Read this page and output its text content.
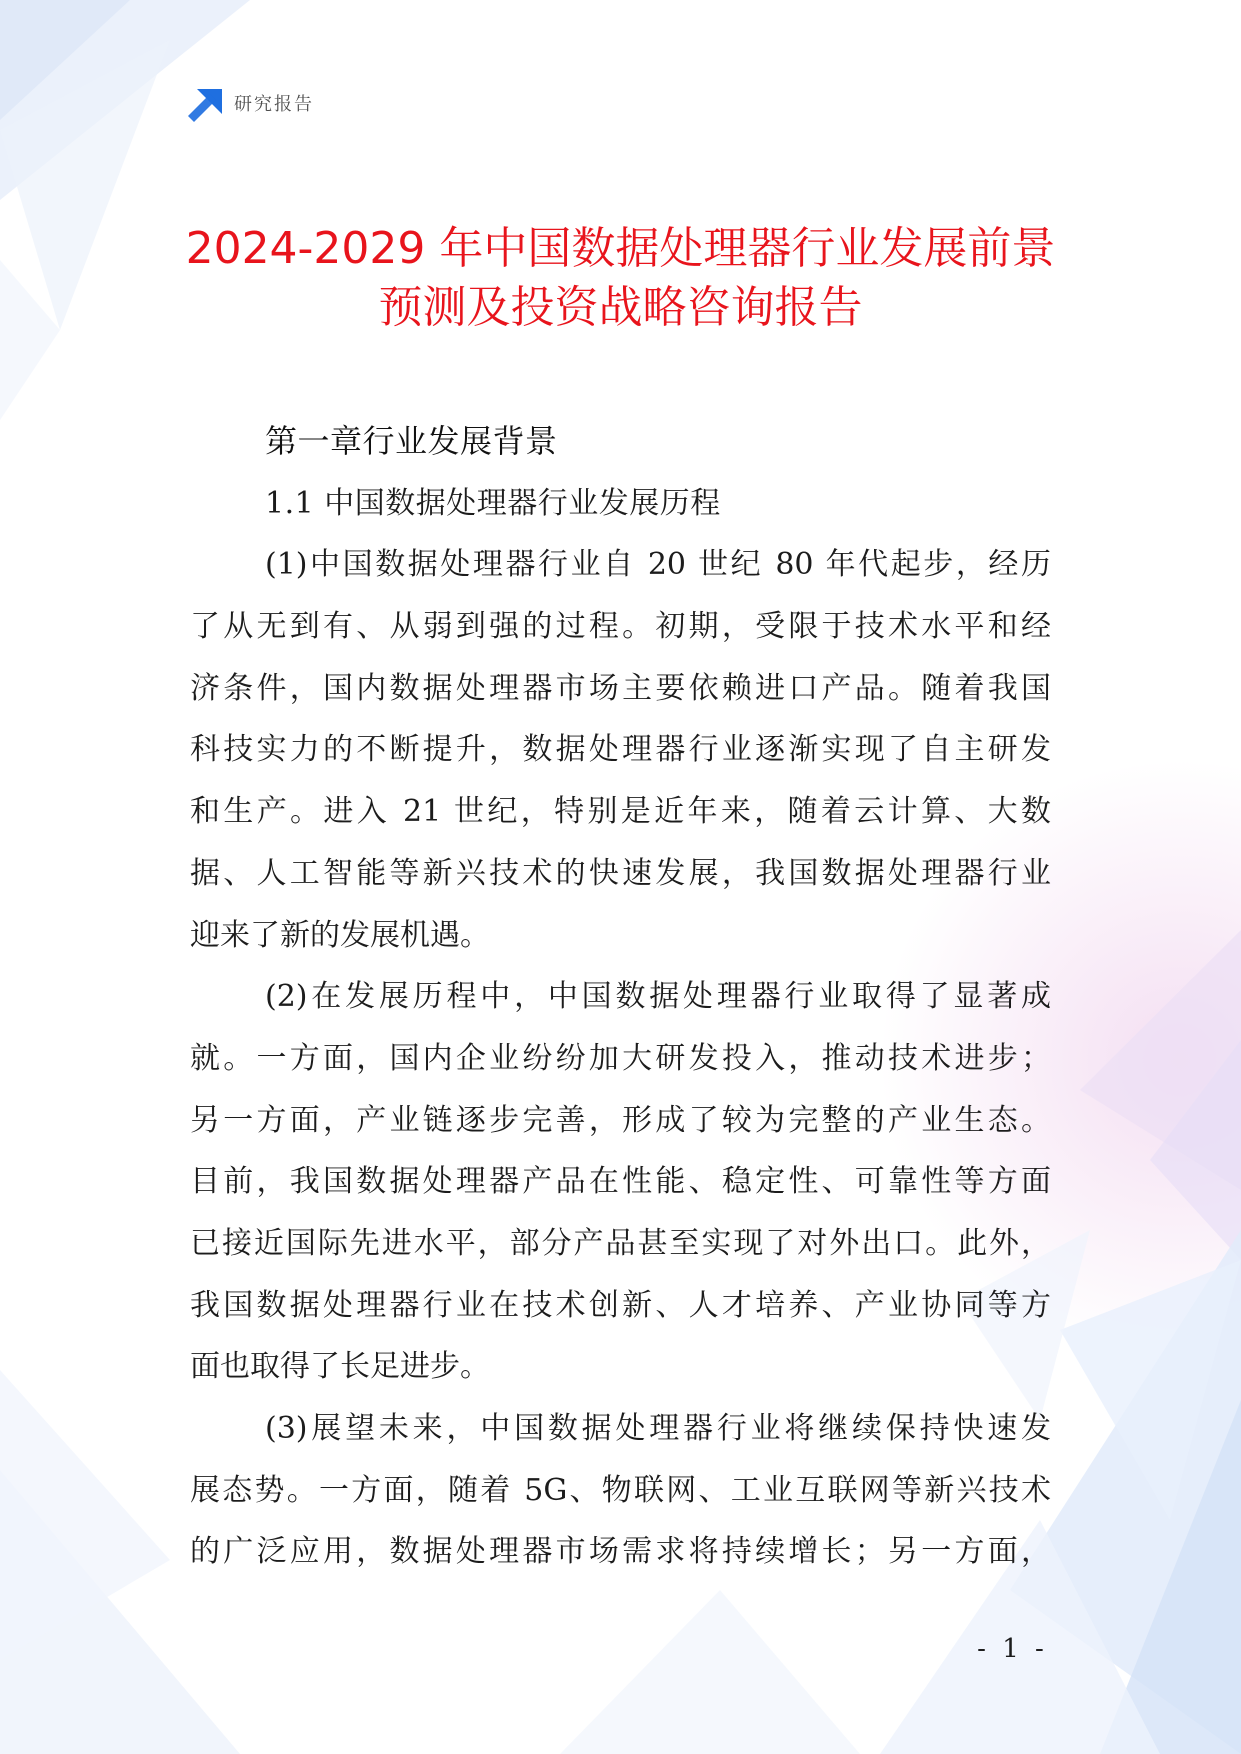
研究报告
2024-2029 年中国数据处理器行业发展前景
预测及投资战略咨询报告
第一章行业发展背景
1.1 中国数据处理器行业发展历程
(1)中国数据处理器行业自 20 世纪 80 年代起步，经历
了从无到有、从弱到强的过程。初期，受限于技术水平和经
济条件，国内数据处理器市场主要依赖进口产品。随着我国
科技实力的不断提升，数据处理器行业逐渐实现了自主研发
和生产。进入 21 世纪，特别是近年来，随着云计算、大数
据、人工智能等新兴技术的快速发展，我国数据处理器行业
迎来了新的发展机遇。
(2)在发展历程中，中国数据处理器行业取得了显著成
就。一方面，国内企业纷纷加大研发投入，推动技术进步；
另一方面，产业链逐步完善，形成了较为完整的产业生态。
目前，我国数据处理器产品在性能、稳定性、可靠性等方面
已接近国际先进水平，部分产品甚至实现了对外出口。此外，
我国数据处理器行业在技术创新、人才培养、产业协同等方
面也取得了长足进步。
(3)展望未来，中国数据处理器行业将继续保持快速发
展态势。一方面，随着 5G、物联网、工业互联网等新兴技术
的广泛应用，数据处理器市场需求将持续增长；另一方面，
- 1 -
